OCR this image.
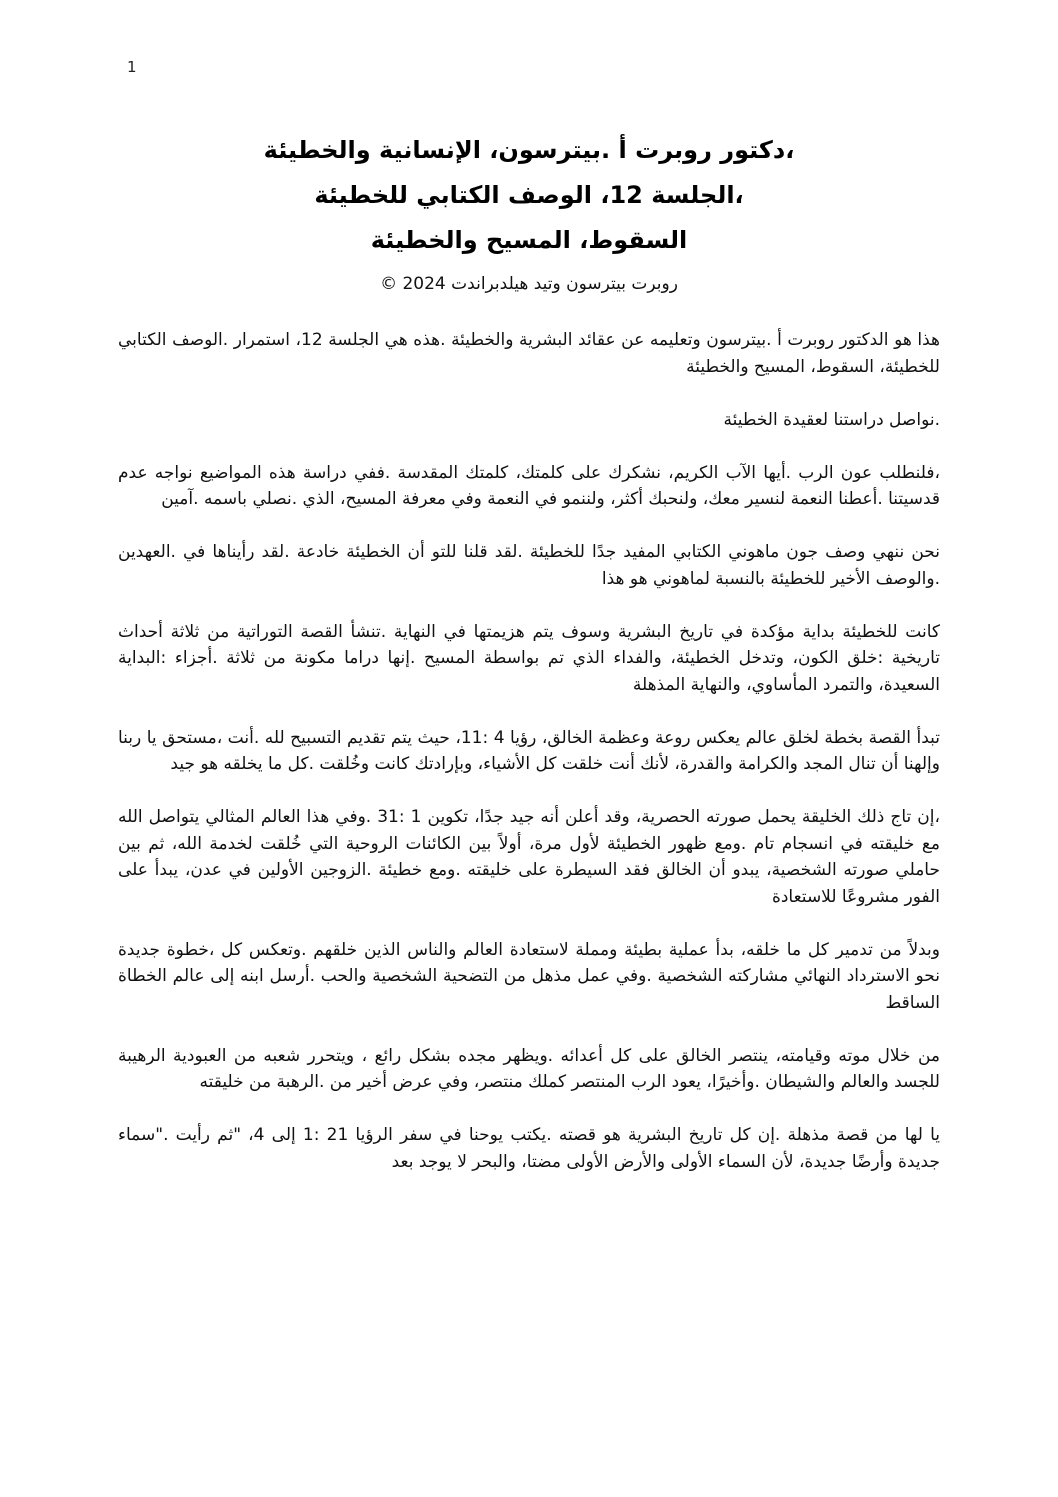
1
،دكتور روبرت أ .بيترسون، الإنسانية والخطيئة
،الجلسة 12، الوصف الكتابي للخطيئة
السقوط، المسيح والخطيئة
روبرت بيترسون وتيد هيلدبراندت 2024 ©

هذا هو الدكتور روبرت أ .بيترسون وتعليمه عن عقائد البشرية والخطيئة .هذه هي الجلسة 12، استمرار .الوصف الكتابي للخطيئة، السقوط، المسيح والخطيئة

.نواصل دراستنا لعقيدة الخطيئة

،فلنطلب عون الرب .أيها الآب الكريم، نشكرك على كلمتك، كلمتك المقدسة .ففي دراسة هذه المواضيع نواجه عدم قدسيتنا .أعطنا النعمة لنسير معك، ولنحبك أكثر، ولننمو في النعمة وفي معرفة المسيح، الذي .نصلي باسمه .آمين

نحن ننهي وصف جون ماهوني الكتابي المفيد جدًا للخطيئة .لقد قلنا للتو أن الخطيئة خادعة .لقد رأيناها في .العهدين .والوصف الأخير للخطيئة بالنسبة لماهوني هو هذا

كانت للخطيئة بداية مؤكدة في تاريخ البشرية وسوف يتم هزيمتها في النهاية .تنشأ القصة التوراتية من ثلاثة أحداث تاريخية :خلق الكون، وتدخل الخطيئة، والفداء الذي تم بواسطة المسيح .إنها دراما مكونة من ثلاثة .أجزاء :البداية السعيدة، والتمرد المأساوي، والنهاية المذهلة

تبدأ القصة بخطة لخلق عالم يعكس روعة وعظمة الخالق، رؤيا 4 :11، حيث يتم تقديم التسبيح لله .أنت ،مستحق يا ربنا وإلهنا أن تنال المجد والكرامة والقدرة، لأنك أنت خلقت كل الأشياء، وبإرادتك كانت وخُلقت .كل ما يخلقه هو جيد

،إن تاج ذلك الخليقة يحمل صورته الحصرية، وقد أعلن أنه جيد جدًا، تكوين 1 :31 .وفي هذا العالم المثالي يتواصل الله مع خليقته في انسجام تام .ومع ظهور الخطيئة لأول مرة، أولاً بين الكائنات الروحية التي خُلقت لخدمة الله، ثم بين حاملي صورته الشخصية، يبدو أن الخالق فقد السيطرة على خليقته .ومع خطيئة .الزوجين الأولين في عدن، يبدأ على الفور مشروعًا للاستعادة

وبدلاً من تدمير كل ما خلقه، بدأ عملية بطيئة ومملة لاستعادة العالم والناس الذين خلقهم .وتعكس كل ،خطوة جديدة نحو الاسترداد النهائي مشاركته الشخصية .وفي عمل مذهل من التضحية الشخصية والحب .أرسل ابنه إلى عالم الخطاة الساقط

من خلال موته وقيامته، ينتصر الخالق على كل أعدائه .ويظهر مجده بشكل رائع ، ويتحرر شعبه من العبودية الرهيبة للجسد والعالم والشيطان .وأخيرًا، يعود الرب المنتصر كملك منتصر، وفي عرض أخير من .الرهبة من خليقته

يا لها من قصة مذهلة .إن كل تاريخ البشرية هو قصته .يكتب يوحنا في سفر الرؤيا 21 :1 إلى 4، "ثم رأيت ."سماء جديدة وأرضًا جديدة، لأن السماء الأولى والأرض الأولى مضتا، والبحر لا يوجد بعد
